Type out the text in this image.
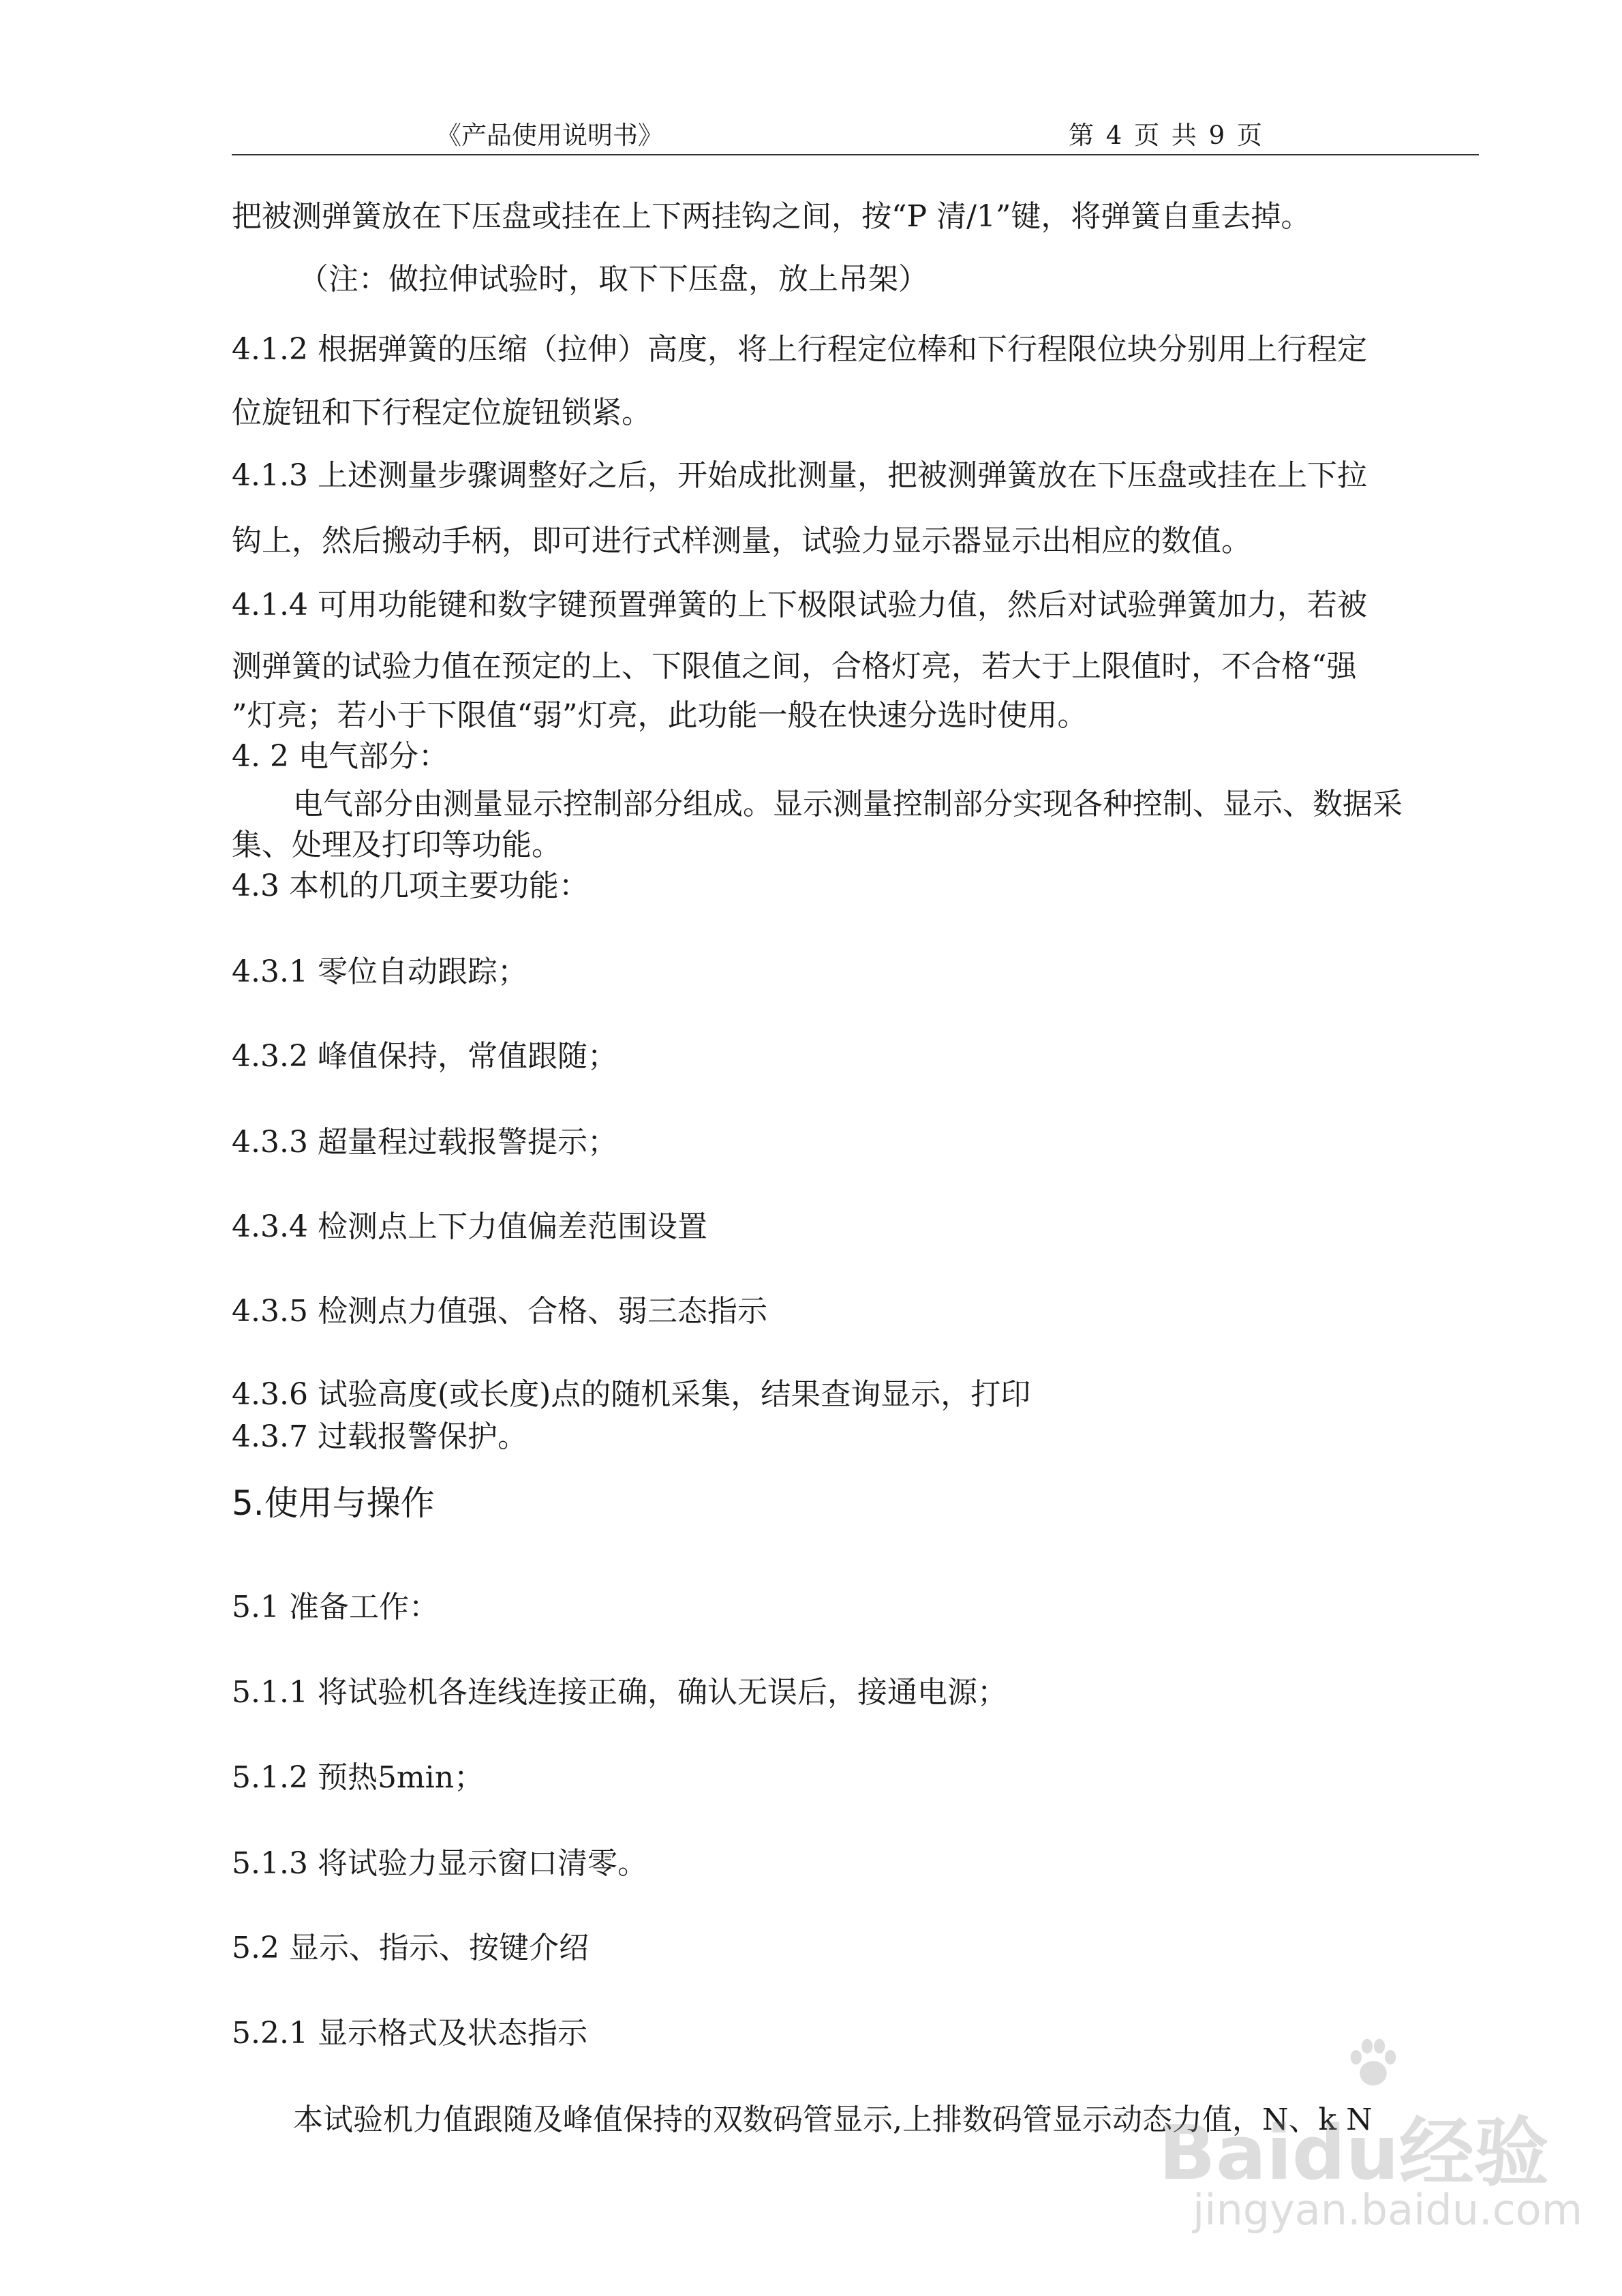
《产品使用说明书》	第 4 页 共 9 页
把被测弹簧放在下压盘或挂在上下两挂钩之间，按“P 清/1”键，将弹簧自重去掉。
（注：做拉伸试验时，取下下压盘，放上吊架）
4.1.2 根据弹簧的压缩（拉伸）高度，将上行程定位棒和下行程限位块分别用上行程定
位旋钮和下行程定位旋钮锁紧。
4.1.3 上述测量步骤调整好之后，开始成批测量，把被测弹簧放在下压盘或挂在上下拉
钩上，然后搬动手柄，即可进行式样测量，试验力显示器显示出相应的数值。
4.1.4 可用功能键和数字键预置弹簧的上下极限试验力值，然后对试验弹簧加力，若被
测弹簧的试验力值在预定的上、下限值之间，合格灯亮，若大于上限值时，不合格“强
”灯亮；若小于下限值“弱”灯亮，此功能一般在快速分选时使用。
4. 2 电气部分：
电气部分由测量显示控制部分组成。显示测量控制部分实现各种控制、显示、数据采
集、处理及打印等功能。
4.3 本机的几项主要功能：
4.3.1 零位自动跟踪；
4.3.2 峰值保持，常值跟随；
4.3.3 超量程过载报警提示；
4.3.4 检测点上下力值偏差范围设置
4.3.5 检测点力值强、合格、弱三态指示
4.3.6 试验高度(或长度)点的随机采集，结果查询显示，打印
4.3.7 过载报警保护。
5.使用与操作
5.1 准备工作：
5.1.1 将试验机各连线连接正确，确认无误后，接通电源；
5.1.2 预热5min；
5.1.3 将试验力显示窗口清零。
5.2 显示、指示、按键介绍
5.2.1 显示格式及状态指示
本试验机力值跟随及峰值保持的双数码管显示,上排数码管显示动态力值，N、k N
Baidu经验
jingyan.baidu.com
